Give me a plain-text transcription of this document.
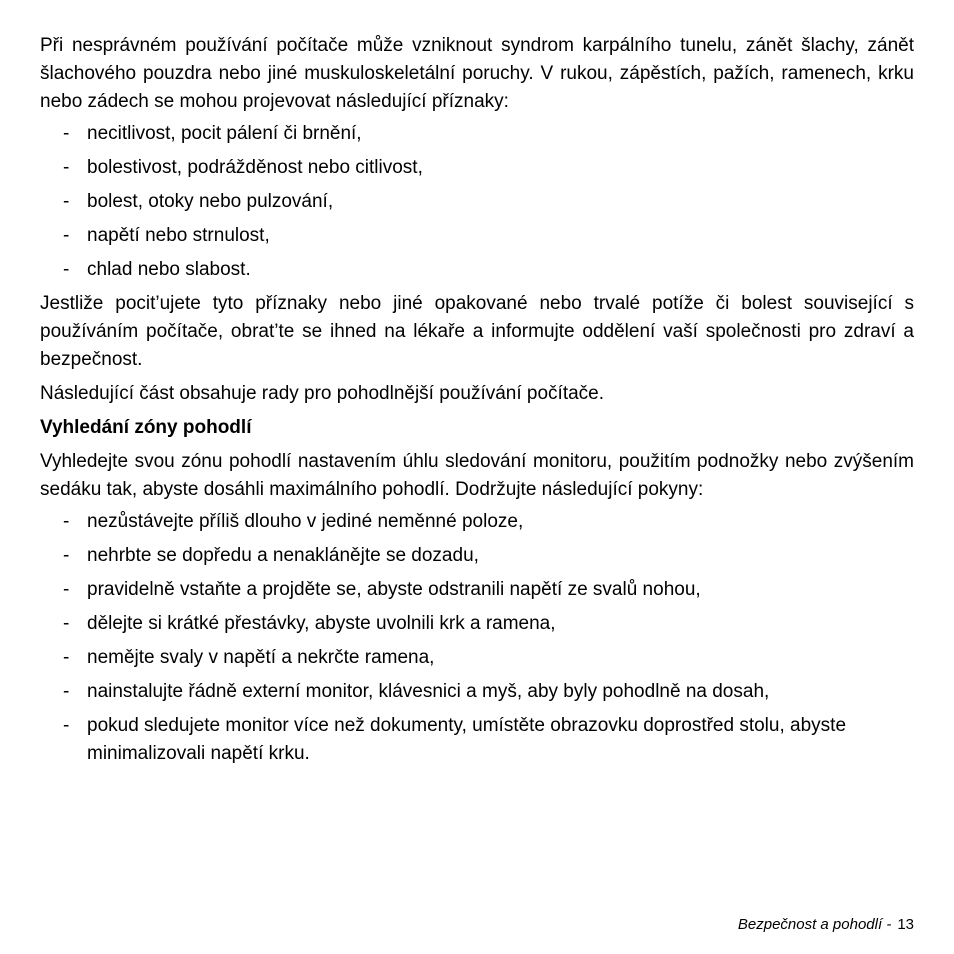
Při nesprávném používání počítače může vzniknout syndrom karpálního tunelu, zánět šlachy, zánět šlachového pouzdra nebo jiné muskuloskeletální poruchy. V rukou, zápěstích, pažích, ramenech, krku nebo zádech se mohou projevovat následující příznaky:

- necitlivost, pocit pálení či brnění,
- bolestivost, podrážděnost nebo citlivost,
- bolest, otoky nebo pulzování,
- napětí nebo strnulost,
- chlad nebo slabost.

Jestliže pocit’ujete tyto příznaky nebo jiné opakované nebo trvalé potíže či bolest související s používáním počítače, obrat’te se ihned na lékaře a informujte oddělení vaší společnosti pro zdraví a bezpečnost.

Následující část obsahuje rady pro pohodlnější používání počítače.

Vyhledání zóny pohodlí

Vyhledejte svou zónu pohodlí nastavením úhlu sledování monitoru, použitím podnožky nebo zvýšením sedáku tak, abyste dosáhli maximálního pohodlí. Dodržujte následující pokyny:

- nezůstávejte příliš dlouho v jediné neměnné poloze,
- nehrbte se dopředu a nenaklánějte se dozadu,
- pravidelně vstaňte a projděte se, abyste odstranili napětí ze svalů nohou,
- dělejte si krátké přestávky, abyste uvolnili krk a ramena,
- nemějte svaly v napětí a nekrčte ramena,
- nainstalujte řádně externí monitor, klávesnici a myš, aby byly pohodlně na dosah,
- pokud sledujete monitor více než dokumenty, umístěte obrazovku doprostřed stolu, abyste minimalizovali napětí krku.
Bezpečnost a pohodlí - 13
